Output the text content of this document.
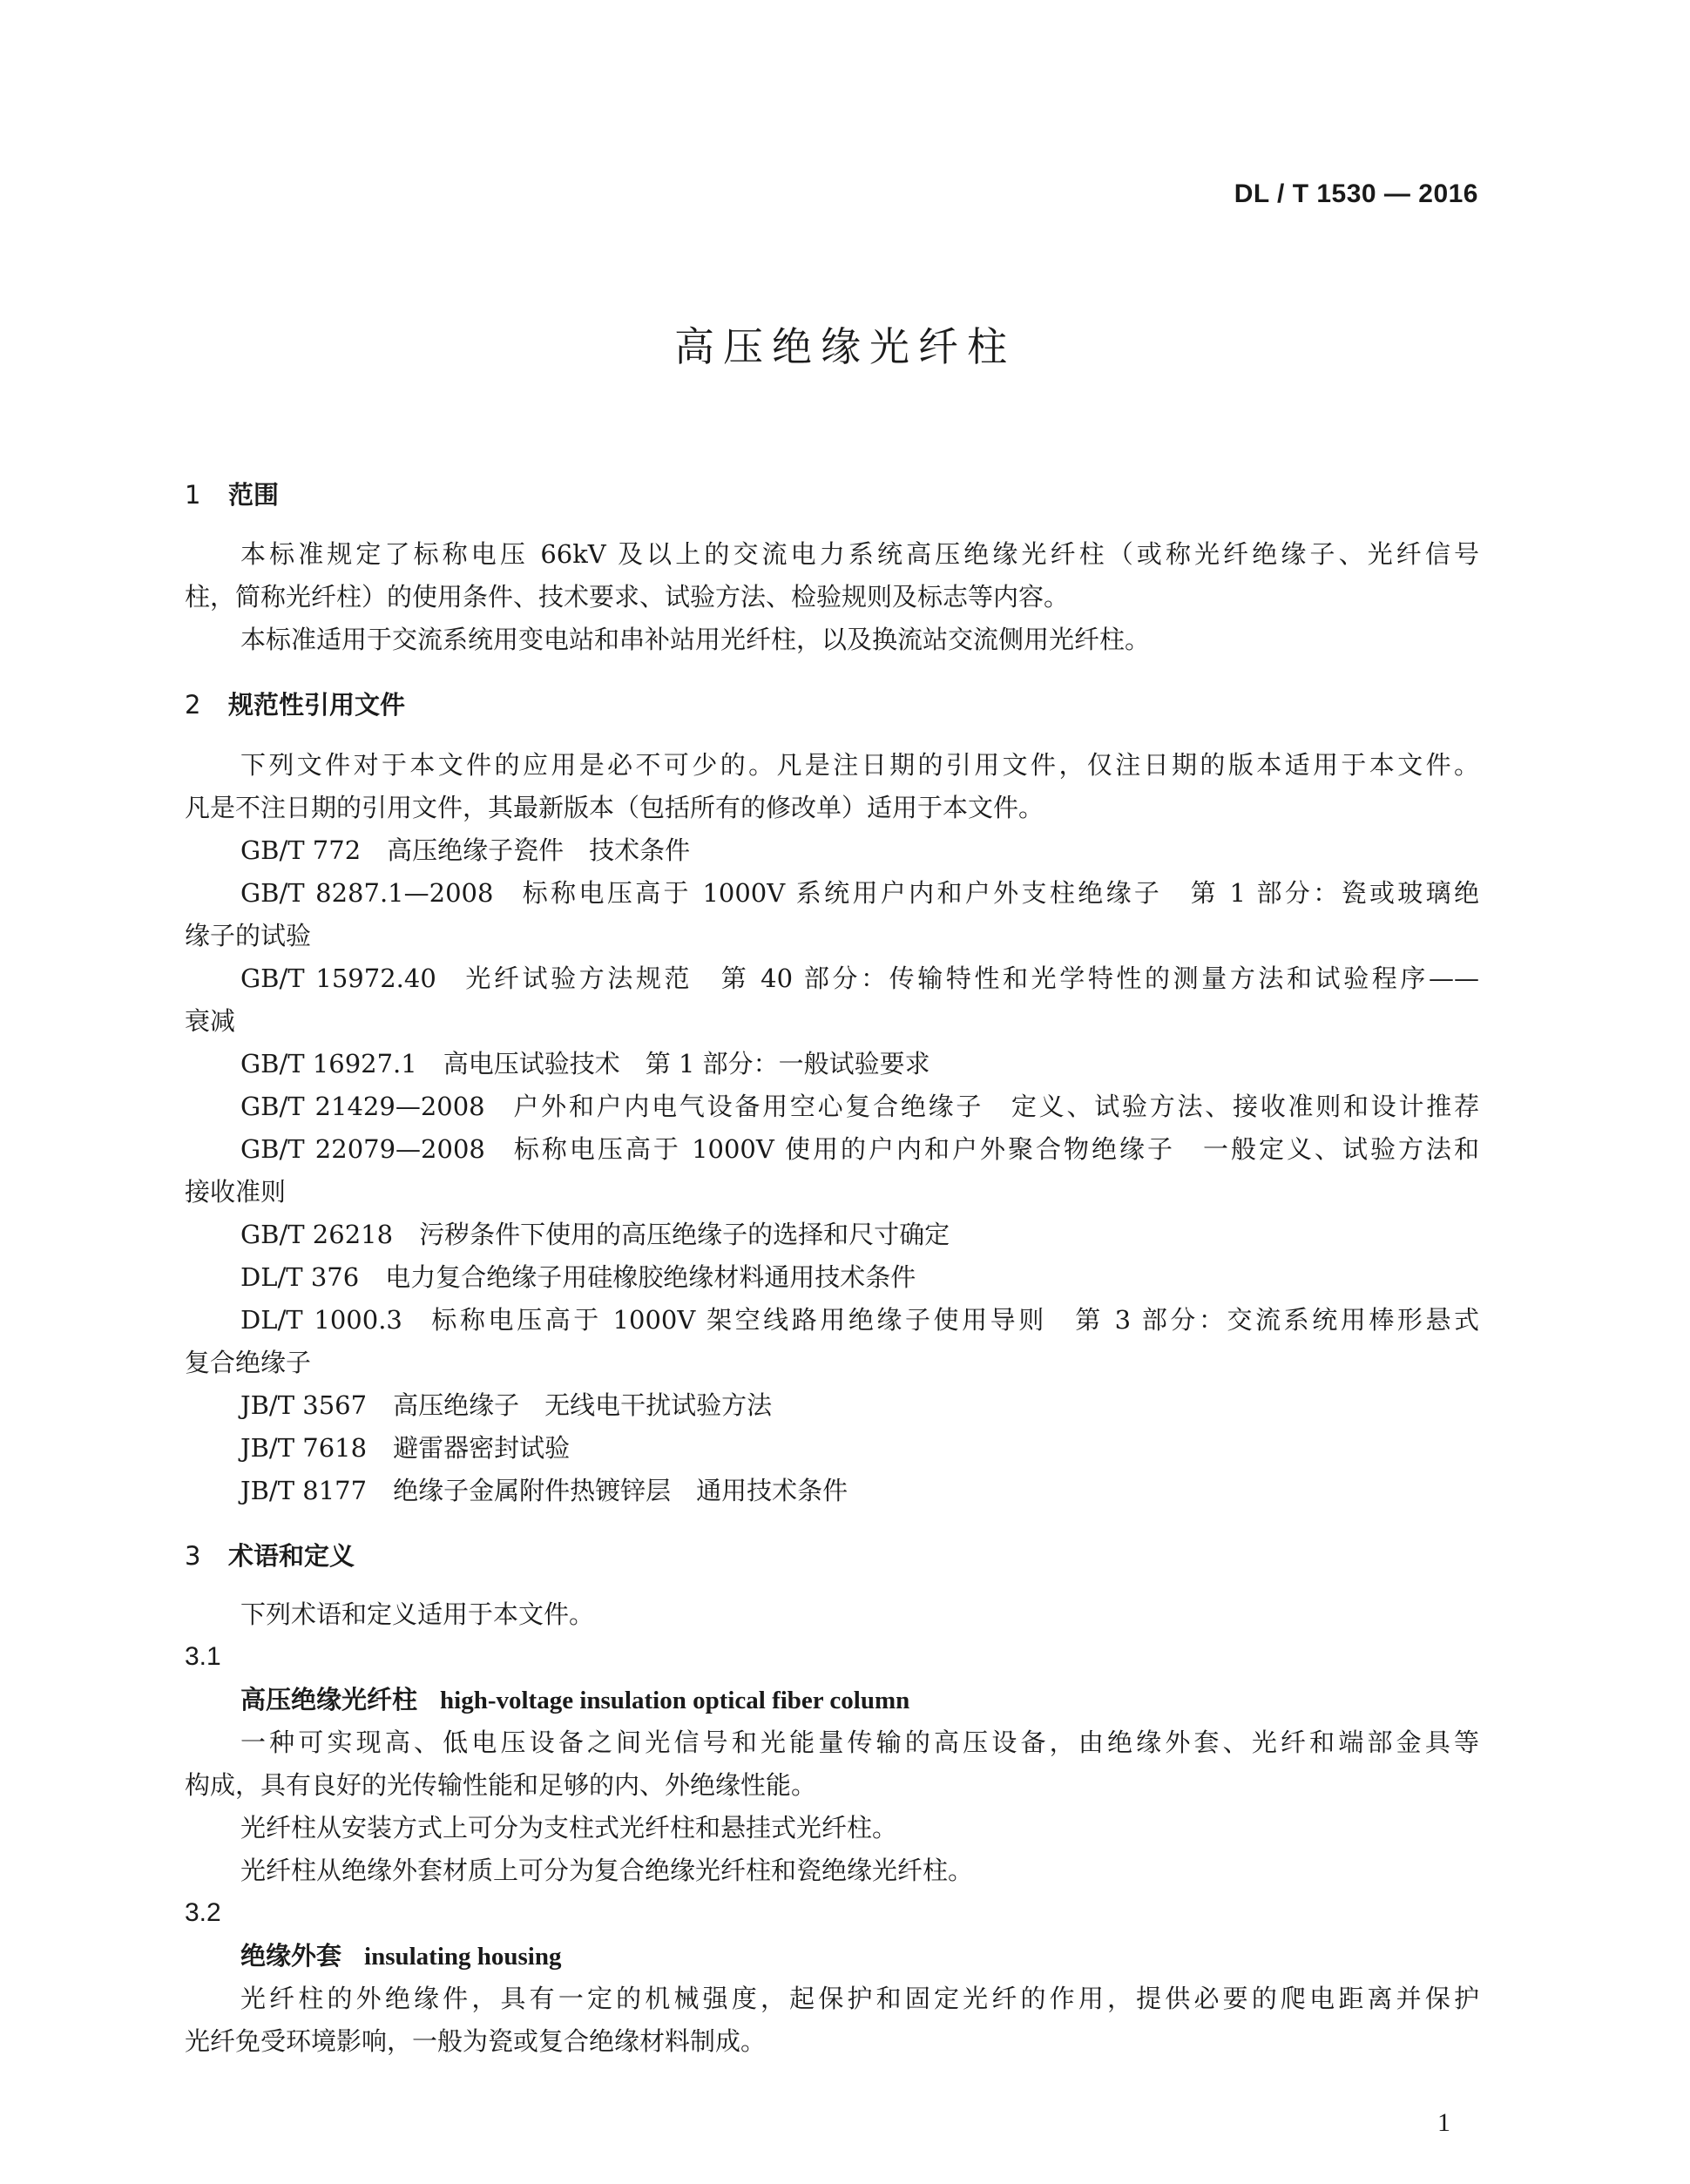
DL / T 1530 — 2016
高压绝缘光纤柱
1 范围
本标准规定了标称电压 66kV 及以上的交流电力系统高压绝缘光纤柱（或称光纤绝缘子、光纤信号
柱，简称光纤柱）的使用条件、技术要求、试验方法、检验规则及标志等内容。
本标准适用于交流系统用变电站和串补站用光纤柱，以及换流站交流侧用光纤柱。
2 规范性引用文件
下列文件对于本文件的应用是必不可少的。凡是注日期的引用文件，仅注日期的版本适用于本文件。
凡是不注日期的引用文件，其最新版本（包括所有的修改单）适用于本文件。
GB/T 772 高压绝缘子瓷件　技术条件
GB/T 8287.1—2008 标称电压高于 1000V 系统用户内和户外支柱绝缘子　第 1 部分：瓷或玻璃绝
缘子的试验
GB/T 15972.40 光纤试验方法规范　第 40 部分：传输特性和光学特性的测量方法和试验程序——
衰减
GB/T 16927.1 高电压试验技术　第 1 部分：一般试验要求
GB/T 21429—2008 户外和户内电气设备用空心复合绝缘子　定义、试验方法、接收准则和设计推荐
GB/T 22079—2008 标称电压高于 1000V 使用的户内和户外聚合物绝缘子　一般定义、试验方法和
接收准则
GB/T 26218 污秽条件下使用的高压绝缘子的选择和尺寸确定
DL/T 376 电力复合绝缘子用硅橡胶绝缘材料通用技术条件
DL/T 1000.3 标称电压高于 1000V 架空线路用绝缘子使用导则　第 3 部分：交流系统用棒形悬式
复合绝缘子
JB/T 3567 高压绝缘子　无线电干扰试验方法
JB/T 7618 避雷器密封试验
JB/T 8177 绝缘子金属附件热镀锌层　通用技术条件
3 术语和定义
下列术语和定义适用于本文件。
3.1
高压绝缘光纤柱 high-voltage insulation optical fiber column
一种可实现高、低电压设备之间光信号和光能量传输的高压设备，由绝缘外套、光纤和端部金具等
构成，具有良好的光传输性能和足够的内、外绝缘性能。
光纤柱从安装方式上可分为支柱式光纤柱和悬挂式光纤柱。
光纤柱从绝缘外套材质上可分为复合绝缘光纤柱和瓷绝缘光纤柱。
3.2
绝缘外套 insulating housing
光纤柱的外绝缘件，具有一定的机械强度，起保护和固定光纤的作用，提供必要的爬电距离并保护
光纤免受环境影响，一般为瓷或复合绝缘材料制成。
1
